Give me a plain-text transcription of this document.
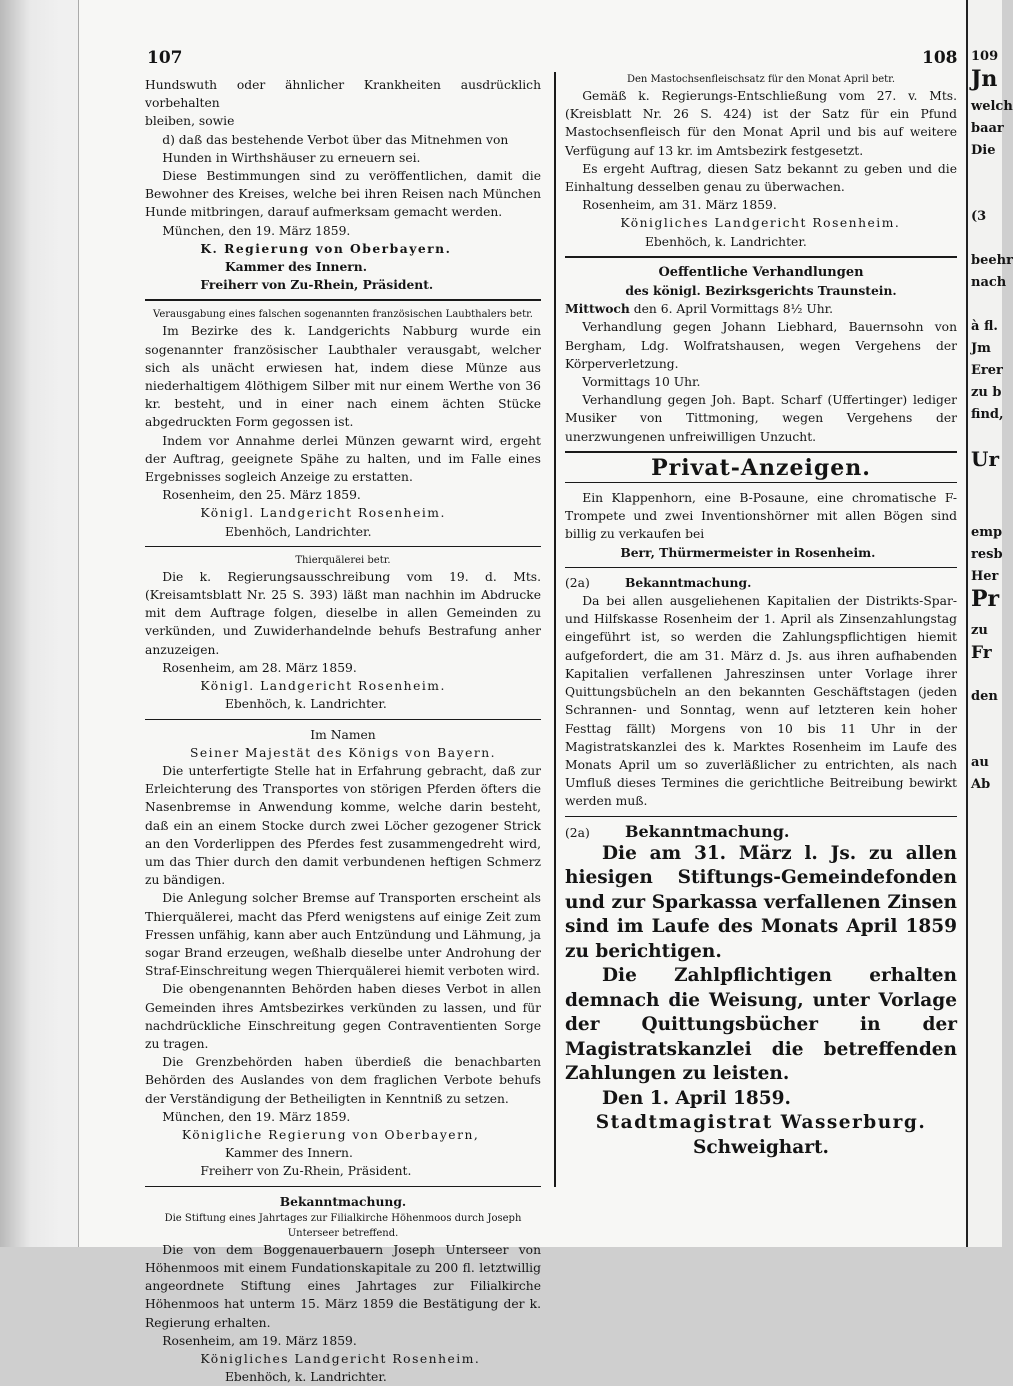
107	108

Hundswuth oder ähnlicher Krankheiten ausdrücklich vorbehalten

bleiben, sowie

d) daß das bestehende Verbot über das Mitnehmen von

Hunden in Wirthshäuser zu erneuern sei.

Diese Bestimmungen sind zu veröffentlichen, damit die Bewohner des Kreises, welche bei ihren Reisen nach München Hunde mitbringen, darauf aufmerksam gemacht werden.

München, den 19. März 1859.

K. Regierung von Oberbayern.

Kammer des Innern.

Freiherr von Zu-Rhein, Präsident.

Verausgabung eines falschen sogenannten französischen Laubthalers betr.

Im Bezirke des k. Landgerichts Nabburg wurde ein sogenannter französischer Laubthaler verausgabt, welcher sich als unächt erwiesen hat, indem diese Münze aus niederhaltigem 4löthigem Silber mit nur einem Werthe von 36 kr. besteht, und in einer nach einem ächten Stücke abgedruckten Form gegossen ist.

Indem vor Annahme derlei Münzen gewarnt wird, ergeht der Auftrag, geeignete Spähe zu halten, und im Falle eines Ergebnisses sogleich Anzeige zu erstatten.

Rosenheim, den 25. März 1859.

Königl. Landgericht Rosenheim.

Ebenhöch, Landrichter.

Thierquälerei betr.

Die k. Regierungsausschreibung vom 19. d. Mts. (Kreisamtsblatt Nr. 25 S. 393) läßt man nachhin im Abdrucke mit dem Auftrage folgen, dieselbe in allen Gemeinden zu verkünden, und Zuwiderhandelnde behufs Bestrafung anher anzuzeigen.

Rosenheim, am 28. März 1859.

Königl. Landgericht Rosenheim.

Ebenhöch, k. Landrichter.

Im Namen

Seiner Majestät des Königs von Bayern.

Die unterfertigte Stelle hat in Erfahrung gebracht, daß zur Erleichterung des Transportes von störigen Pferden öfters die Nasenbremse in Anwendung komme, welche darin besteht, daß ein an einem Stocke durch zwei Löcher gezogener Strick an den Vorderlippen des Pferdes fest zusammengedreht wird, um das Thier durch den damit verbundenen heftigen Schmerz zu bändigen.

Die Anlegung solcher Bremse auf Transporten erscheint als Thierquälerei, macht das Pferd wenigstens auf einige Zeit zum Fressen unfähig, kann aber auch Entzündung und Lähmung, ja sogar Brand erzeugen, weßhalb dieselbe unter Androhung der Straf-Einschreitung wegen Thierquälerei hiemit verboten wird.

Die obengenannten Behörden haben dieses Verbot in allen Gemeinden ihres Amtsbezirkes verkünden zu lassen, und für nachdrückliche Einschreitung gegen Contraventienten Sorge zu tragen.

Die Grenzbehörden haben überdieß die benachbarten Behörden des Auslandes von dem fraglichen Verbote behufs der Verständigung der Betheiligten in Kenntniß zu setzen.

München, den 19. März 1859.

Königliche Regierung von Oberbayern,

Kammer des Innern.

Freiherr von Zu-Rhein, Präsident.

Bekanntmachung.

Die Stiftung eines Jahrtages zur Filialkirche Höhenmoos durch Joseph Unterseer betreffend.

Die von dem Boggenauerbauern Joseph Unterseer von Höhenmoos mit einem Fundationskapitale zu 200 fl. letztwillig angeordnete Stiftung eines Jahrtages zur Filialkirche Höhenmoos hat unterm 15. März 1859 die Bestätigung der k. Regierung erhalten.

Rosenheim, am 19. März 1859.

Königliches Landgericht Rosenheim.

Ebenhöch, k. Landrichter.

Den Mastochsenfleischsatz für den Monat April betr.

Gemäß k. Regierungs-Entschließung vom 27. v. Mts. (Kreisblatt Nr. 26 S. 424) ist der Satz für ein Pfund Mastochsenfleisch für den Monat April und bis auf weitere Verfügung auf 13 kr. im Amtsbezirk festgesetzt.

Es ergeht Auftrag, diesen Satz bekannt zu geben und die Einhaltung desselben genau zu überwachen.

Rosenheim, am 31. März 1859.

Königliches Landgericht Rosenheim.

Ebenhöch, k. Landrichter.

Oeffentliche Verhandlungen

des königl. Bezirksgerichts Traunstein.

Mittwoch den 6. April Vormittags 8½ Uhr.

Verhandlung gegen Johann Liebhard, Bauernsohn von Bergham, Ldg. Wolfratshausen, wegen Vergehens der Körperverletzung.

Vormittags 10 Uhr.

Verhandlung gegen Joh. Bapt. Scharf (Uffertinger) lediger Musiker von Tittmoning, wegen Vergehens der unerzwungenen unfreiwilligen Unzucht.

Privat-Anzeigen.

Ein Klappenhorn, eine B-Posaune, eine chromatische F-Trompete und zwei Inventionshörner mit allen Bögen sind billig zu verkaufen bei

Berr, Thürmermeister in Rosenheim.

(2a)	Bekanntmachung.

Da bei allen ausgeliehenen Kapitalien der Distrikts-Spar- und Hilfskasse Rosenheim der 1. April als Zinsenzahlungstag eingeführt ist, so werden die Zahlungspflichtigen hiemit aufgefordert, die am 31. März d. Js. aus ihren aufhabenden Kapitalien verfallenen Jahreszinsen unter Vorlage ihrer Quittungsbücheln an den bekannten Geschäftstagen (jeden Schrannen- und Sonntag, wenn auf letzteren kein hoher Festtag fällt) Morgens von 10 bis 11 Uhr in der Magistratskanzlei des k. Marktes Rosenheim im Laufe des Monats April um so zuverläßlicher zu entrichten, als nach Umfluß dieses Termines die gerichtliche Beitreibung bewirkt werden muß.

(2a) Bekanntmachung.

Die am 31. März l. Js. zu allen hiesigen Stiftungs-Gemeindefonden und zur Sparkassa verfallenen Zinsen sind im Laufe des Monats April 1859 zu berichtigen.

Die Zahlpflichtigen erhalten demnach die Weisung, unter Vorlage der Quittungsbücher in der Magistratskanzlei die betreffenden Zahlungen zu leisten.

Den 1. April 1859.

Stadtmagistrat Wasserburg.

Schweighart.

109
Jn
welch
baar
Die
(3
beehr
nach
à fl.
Jm
Erer
zu b
find,
Ur
emp
resb
Her
Pr
zu
Fr
den
au
Ab
